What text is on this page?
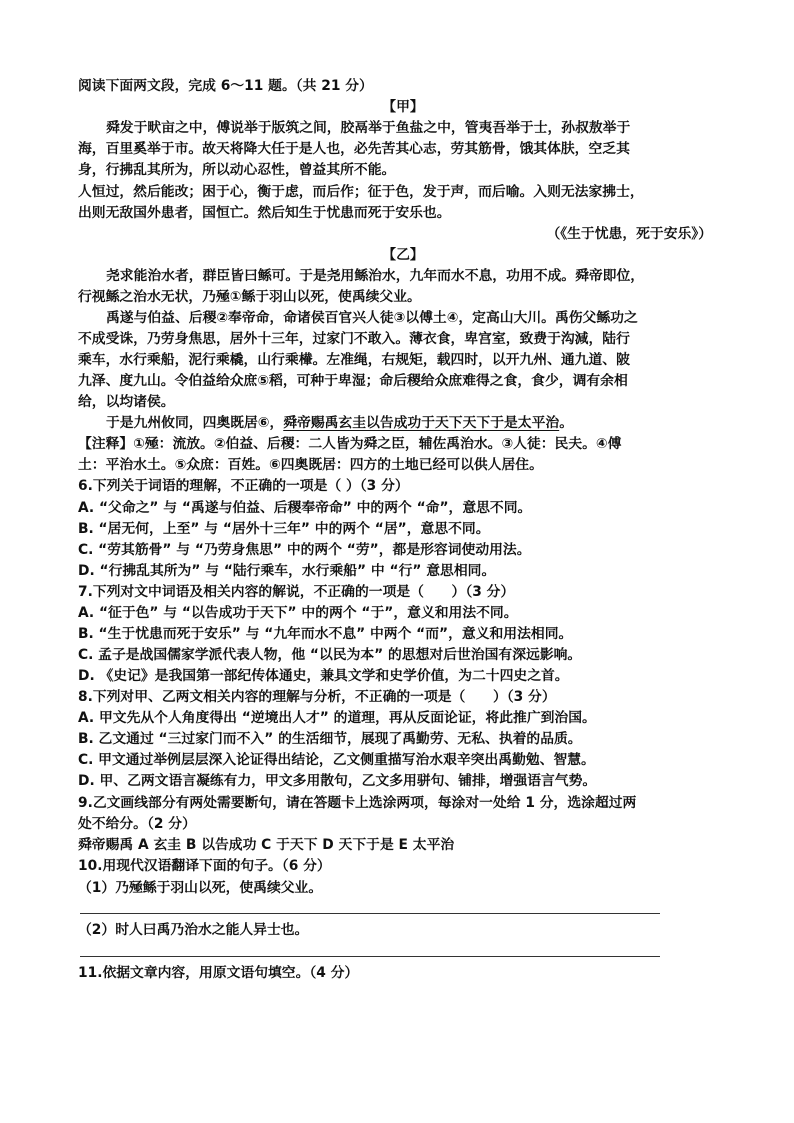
阅读下面两文段，完成 6～11 题。（共 21 分）
【甲】
舜发于畎亩之中，傅说举于版筑之间，胶鬲举于鱼盐之中，管夷吾举于士，孙叔敖举于
海，百里奚举于市。故天将降大任于是人也，必先苦其心志，劳其筋骨，饿其体肤，空乏其
身，行拂乱其所为，所以动心忍性，曾益其所不能。
人恒过，然后能改；困于心，衡于虑，而后作；征于色，发于声，而后喻。入则无法家拂士，
出则无敌国外患者，国恒亡。然后知生于忧患而死于安乐也。
（《生于忧患，死于安乐》）
【乙】
尧求能治水者，群臣皆曰鲧可。于是尧用鲧治水，九年而水不息，功用不成。舜帝即位，
行视鲧之治水无状，乃殛①鲧于羽山以死，使禹续父业。
禹遂与伯益、后稷②奉帝命，命诸侯百官兴人徒③以傅土④，定高山大川。禹伤父鲧功之
不成受诛，乃劳身焦思，居外十三年，过家门不敢入。薄衣食，卑宫室，致费于沟減，陆行
乘车，水行乘船，泥行乘橇，山行乘檋。左准绳，右规矩，载四时，以开九州、通九道、陂
九泽、度九山。令伯益给众庶⑤稻，可种于卑湿；命后稷给众庶难得之食，食少，调有余相
给，以均诸侯。
于是九州攸同，四奥既居⑥，舜帝赐禹玄圭以告成功于天下天下于是太平治。
【注释】①殛：流放。②伯益、后稷：二人皆为舜之臣，辅佐禹治水。③人徒：民夫。④傅
土：平治水土。⑤众庶：百姓。⑥四奥既居：四方的土地已经可以供人居住。
6.下列关于词语的理解，不正确的一项是（ ）（3 分）
A. “父命之” 与 “禹遂与伯益、后稷奉帝命” 中的两个 “命”，意思不同。
B. “居无何，上至” 与 “居外十三年” 中的两个 “居”，意思不同。
C. “劳其筋骨” 与 “乃劳身焦思” 中的两个 “劳”，都是形容词使动用法。
D. “行拂乱其所为” 与 “陆行乘车，水行乘船” 中 “行” 意思相同。
7.下列对文中词语及相关内容的解说，不正确的一项是（　　）（3 分）
A. “征于色” 与 “以告成功于天下” 中的两个 “于”，意义和用法不同。
B. “生于忧患而死于安乐” 与 “九年而水不息” 中两个 “而”，意义和用法相同。
C. 孟子是战国儒家学派代表人物，他 “以民为本” 的思想对后世治国有深远影响。
D. 《史记》是我国第一部纪传体通史，兼具文学和史学价值，为二十四史之首。
8.下列对甲、乙两文相关内容的理解与分析，不正确的一项是（　　）（3 分）
A. 甲文先从个人角度得出 “逆境出人才” 的道理，再从反面论证，将此推广到治国。
B. 乙文通过 “三过家门而不入” 的生活细节，展现了禹勤劳、无私、执着的品质。
C. 甲文通过举例层层深入论证得出结论，乙文侧重描写治水艰辛突出禹勤勉、智慧。
D. 甲、乙两文语言凝练有力，甲文多用散句，乙文多用骈句、铺排，增强语言气势。
9.乙文画线部分有两处需要断句，请在答题卡上选涂两项，每涂对一处给 1 分，选涂超过两
处不给分。（2 分）
舜帝赐禹 A 玄圭 B 以告成功 C 于天下 D 天下于是 E 太平治
10.用现代汉语翻译下面的句子。（6 分）
（1）乃殛鲧于羽山以死，使禹续父业。
（2）时人曰禹乃治水之能人异士也。
11.依据文章内容，用原文语句填空。（4 分）
